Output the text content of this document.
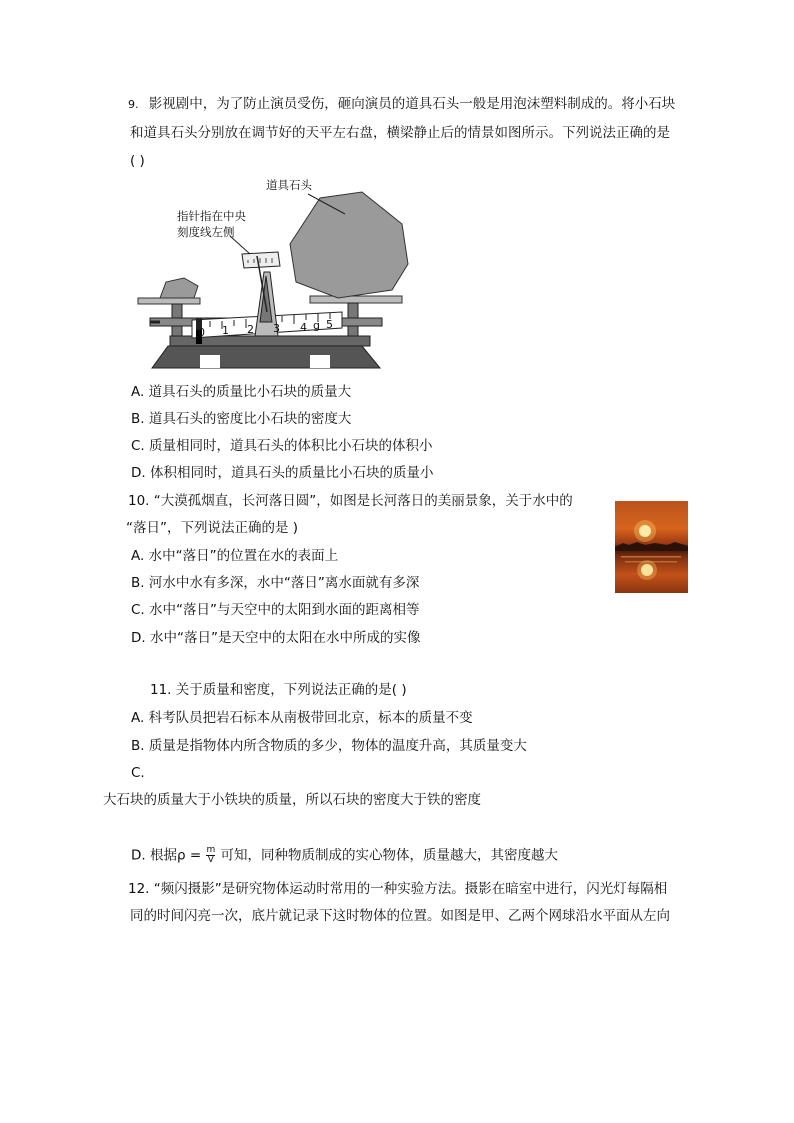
9. 影视剧中，为了防止演员受伤，砸向演员的道具石头一般是用泡沫塑料制成的。将小石块
和道具石头分别放在调节好的天平左右盘，横梁静止后的情景如图所示。下列说法正确的是
( )
道具石头
指针指在中央
刻度线左侧
0 1 2 3 4 g 5
A. 道具石头的质量比小石块的质量大
B. 道具石头的密度比小石块的密度大
C. 质量相同时，道具石头的体积比小石块的体积小
D. 体积相同时，道具石头的质量比小石块的质量小
10. “大漠孤烟直，长河落日圆”，如图是长河落日的美丽景象，关于水中的
“落日”，下列说法正确的是 )
A. 水中“落日”的位置在水的表面上
B. 河水中水有多深，水中“落日”离水面就有多深
C. 水中“落日”与天空中的太阳到水面的距离相等
D. 水中“落日”是天空中的太阳在水中所成的实像
11. 关于质量和密度，下列说法正确的是( )
A. 科考队员把岩石标本从南极带回北京，标本的质量不变
B. 质量是指物体内所含物质的多少，物体的温度升高，其质量变大
C.
大石块的质量大于小铁块的质量，所以石块的密度大于铁的密度
D. 根据$\rho = \frac{m}{V}$ 可知，同种物质制成的实心物体，质量越大，其密度越大
12. “频闪摄影”是研究物体运动时常用的一种实验方法。摄影在暗室中进行，闪光灯每隔相
同的时间闪亮一次，底片就记录下这时物体的位置。如图是甲、乙两个网球沿水平面从左向
